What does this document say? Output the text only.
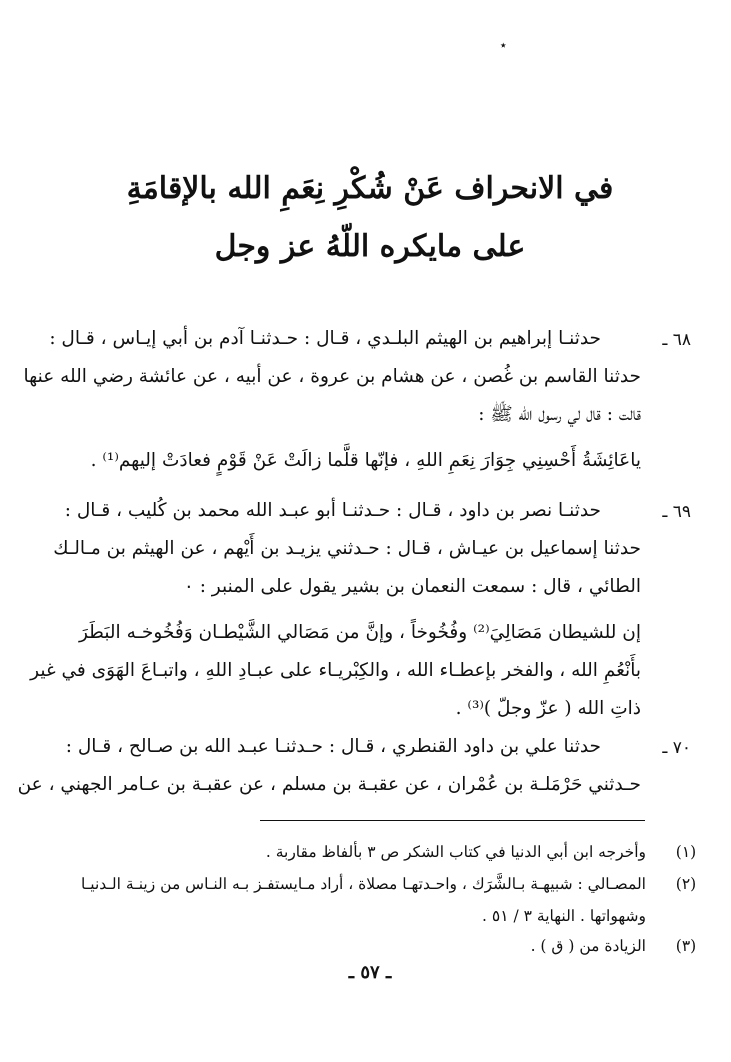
٭
في الانحراف عَنْ شُكْرِ نِعَمِ الله بالإقامَةِ
على مايكره اللّهُ عز وجل
حدثنـا إبراهيم بن الهيثم البلـدي ، قـال : حـدثنـا آدم بن أبي إيـاس ، قـال :
حدثنا القاسم بن غُصن ، عن هشام بن عروة ، عن أبيه ، عن عائشة رضي الله عنها
قالت : قال لي رسول الله ﷺ :
ياعَائِشَةُ أَحْسِنِي جِوَارَ نِعَمِ اللهِ ، فإنّها قلَّما زالَتْ عَنْ قَوْمٍ فعادَتْ إليهم⁽¹⁾ .
٦٨ ـ
حدثنـا نصر بن داود ، قـال : حـدثنـا أبو عبـد الله محمد بن كُليب ، قـال :
حدثنا إسماعيل بن عيـاش ، قـال : حـدثني يزيـد بن أَيْهم ، عن الهيثم بن مـالـك
الطائي ، قال : سمعت النعمان بن بشير يقول على المنبر : ٠
إن للشيطان مَصَالِيَ⁽²⁾ وفُخُوخاً ، وإنَّ من مَصَالي الشَّيْطـان وَفُخُوخـه البَطَرَ
بأَنْعُمِ الله ، والفخر بإعطـاء الله ، والكِبْريـاء على عبـادِ اللهِ ، واتبـاعَ الهَوَى في غير
ذاتِ الله ( عزّ وجلّ )⁽³⁾ .
٦٩ ـ
حدثنا علي بن داود القنطري ، قـال : حـدثنـا عبـد الله بن صـالح ، قـال :
حـدثني حَرْمَلـة بن عُمْران ، عن عقبـة بن مسلم ، عن عقبـة بن عـامر الجهني ، عن
٧٠ ـ
(١)
وأخرجه ابن أبي الدنيا في كتاب الشكر ص ٣ بألفاظ مقاربة .
(٢)
المصـالي : شبيهـة بـالشَّرَك ، واحـدتهـا مصلاة ، أراد مـايستفـز بـه النـاس من زينـة الـدنيـا
وشهواتها . النهاية ٣ / ٥١ .
(٣)
الزيادة من ( ق ) .
ـ ٥٧ ـ
